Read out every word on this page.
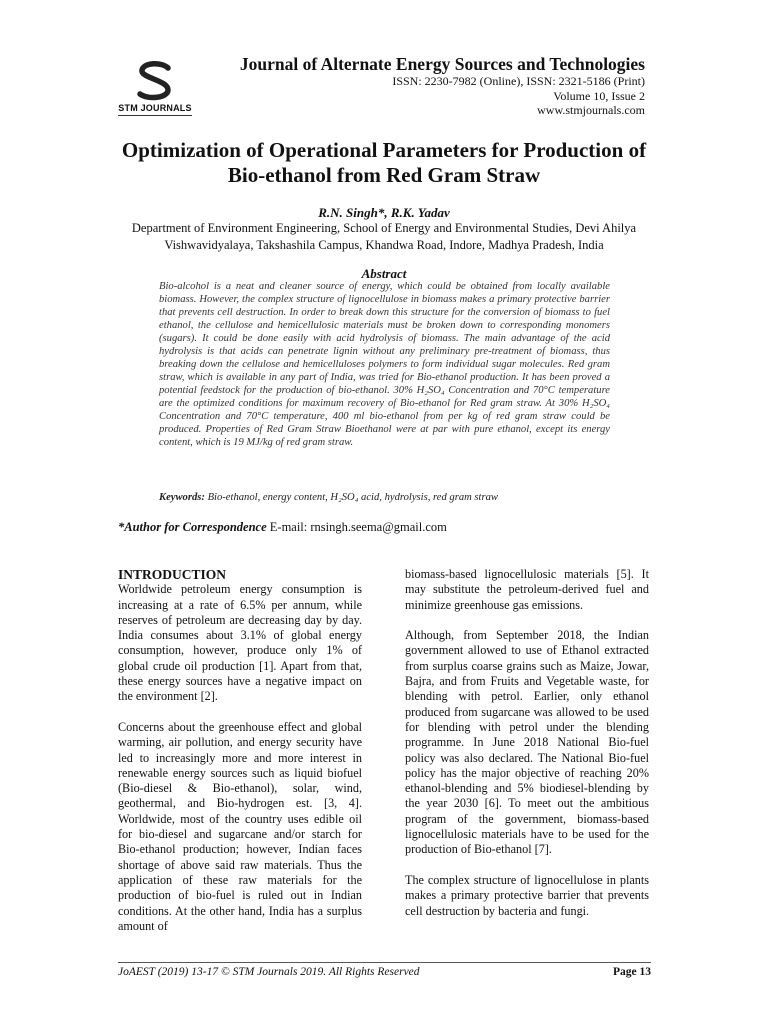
STM JOURNALS
Journal of Alternate Energy Sources and Technologies
ISSN: 2230-7982 (Online), ISSN: 2321-5186 (Print)
Volume 10, Issue 2
www.stmjournals.com
Optimization of Operational Parameters for Production of
Bio-ethanol from Red Gram Straw
R.N. Singh*, R.K. Yadav
Department of Environment Engineering, School of Energy and Environmental Studies, Devi Ahilya
Vishwavidyalaya, Takshashila Campus, Khandwa Road, Indore, Madhya Pradesh, India
Abstract
Bio-alcohol is a neat and cleaner source of energy, which could be obtained from locally available biomass. However, the complex structure of lignocellulose in biomass makes a primary protective barrier that prevents cell destruction. In order to break down this structure for the conversion of biomass to fuel ethanol, the cellulose and hemicellulosic materials must be broken down to corresponding monomers (sugars). It could be done easily with acid hydrolysis of biomass. The main advantage of the acid hydrolysis is that acids can penetrate lignin without any preliminary pre-treatment of biomass, thus breaking down the cellulose and hemicelluloses polymers to form individual sugar molecules. Red gram straw, which is available in any part of India, was tried for Bio-ethanol production. It has been proved a potential feedstock for the production of bio-ethanol. 30% H₂SO₄ Concentration and 70°C temperature are the optimized conditions for maximum recovery of Bio-ethanol for Red gram straw. At 30% H₂SO₄ Concentration and 70°C temperature, 400 ml bio-ethanol from per kg of red gram straw could be produced. Properties of Red Gram Straw Bioethanol were at par with pure ethanol, except its energy content, which is 19 MJ/kg of red gram straw.
Keywords: Bio-ethanol, energy content, H₂SO₄ acid, hydrolysis, red gram straw
*Author for Correspondence E-mail: rnsingh.seema@gmail.com
INTRODUCTION

Worldwide petroleum energy consumption is increasing at a rate of 6.5% per annum, while reserves of petroleum are decreasing day by day. India consumes about 3.1% of global energy consumption, however, produce only 1% of global crude oil production [1]. Apart from that, these energy sources have a negative impact on the environment [2].

Concerns about the greenhouse effect and global warming, air pollution, and energy security have led to increasingly more and more interest in renewable energy sources such as liquid biofuel (Bio-diesel & Bio-ethanol), solar, wind, geothermal, and Bio-hydrogen est. [3, 4]. Worldwide, most of the country uses edible oil for bio-diesel and sugarcane and/or starch for Bio-ethanol production; however, Indian faces shortage of above said raw materials. Thus the application of these raw materials for the production of bio-fuel is ruled out in Indian conditions. At the other hand, India has a surplus amount of

biomass-based lignocellulosic materials [5]. It may substitute the petroleum-derived fuel and minimize greenhouse gas emissions.

Although, from September 2018, the Indian government allowed to use of Ethanol extracted from surplus coarse grains such as Maize, Jowar, Bajra, and from Fruits and Vegetable waste, for blending with petrol. Earlier, only ethanol produced from sugarcane was allowed to be used for blending with petrol under the blending programme. In June 2018 National Bio-fuel policy was also declared. The National Bio-fuel policy has the major objective of reaching 20% ethanol-blending and 5% biodiesel-blending by the year 2030 [6]. To meet out the ambitious program of the government, biomass-based lignocellulosic materials have to be used for the production of Bio-ethanol [7].

The complex structure of lignocellulose in plants makes a primary protective barrier that prevents cell destruction by bacteria and fungi.

JoAEST (2019) 13-17 © STM Journals 2019. All Rights Reserved	Page 13
